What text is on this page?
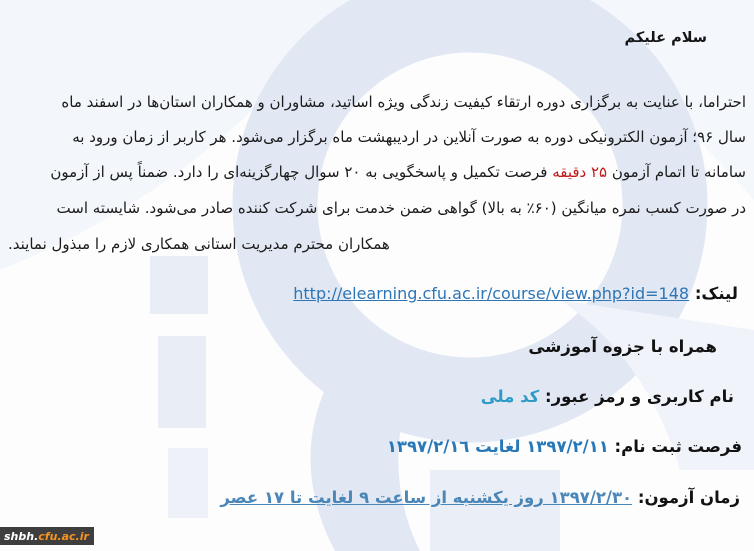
سلام علیکم
احتراما، با عنایت به برگزاری دوره ارتقاء کیفیت زندگی ویژه اساتید، مشاوران و همکاران استان‌ها در اسفند ماه
سال ۹۶؛ آزمون الکترونیکی دوره به صورت آنلاین در اردیبهشت ماه برگزار می‌شود. هر کاربر از زمان ورود به
سامانه تا اتمام آزمون ۲۵ دقیقه فرصت تکمیل و پاسخگویی به ۲۰ سوال چهارگزینه‌ای را دارد. ضمناً پس از آزمون
در صورت کسب نمره میانگین (۶۰٪ به بالا) گواهی ضمن خدمت برای شرکت کننده صادر می‌شود. شایسته است
همکاران محترم مدیریت استانی همکاری لازم را مبذول نمایند.
لینک: http://elearning.cfu.ac.ir/course/view.php?id=148
همراه با جزوه آموزشی
نام کاربری و رمز عبور: کد ملی
فرصت ثبت نام: ١٣٩٧/٢/١١ لغایت ١٣٩٧/٢/١٦
زمان آزمون: ١٣٩٧/٢/٣٠ روز یکشنبه از ساعت ٩ لغایت تا ١٧ عصر
shbh. cfu.ac.ir
